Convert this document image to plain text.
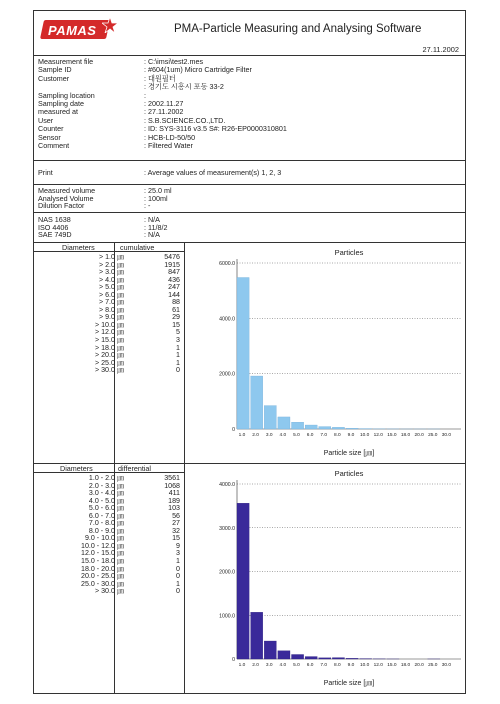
PAMAS	PMA-Particle Measuring and Analysing Software
27.11.2002
Measurement file	: C:\imsi\test2.mes
Sample ID	: #604(1um) Micro Cartridge Filter
Customer	: 대원필터
: 경기도 시흥시 포동 33-2
Sampling location	:
Sampling date	: 2002.11.27
measured at	: 27.11.2002
User	: S.B.SCIENCE.CO.,LTD.
Counter	: ID: SYS-3116 v3.5 S#: R26-EP0000310801
Sensor	: HCB-LD-50/50
Comment	: Filtered Water
Print	: Average values of measurement(s) 1, 2, 3
Measured volume	: 25.0 ml
Analysed Volume	: 100ml
Dilution Factor	: -
NAS 1638	: N/A
ISO 4406	: 11/8/2
SAE 749D	: N/A
Diameters	cumulative
> 1.0 ㎛	5476
> 2.0 ㎛	1915
> 3.0 ㎛	847
> 4.0 ㎛	436
> 5.0 ㎛	247
> 6.0 ㎛	144
> 7.0 ㎛	88
> 8.0 ㎛	61
> 9.0 ㎛	29
> 10.0 ㎛	15
> 12.0 ㎛	5
> 15.0 ㎛	3
> 18.0 ㎛	1
> 20.0 ㎛	1
> 25.0 ㎛	1
> 30.0 ㎛	0
Particles
6000.0
4000.0
2000.0
0
1.0 2.0 3.0 4.0 5.0 6.0 7.0 8.0 9.0 10.0 12.0 15.0 18.0 20.0 25.0 30.0
Particle size [㎛]
Diameters	differential
1.0 - 2.0 ㎛	3561
2.0 - 3.0 ㎛	1068
3.0 - 4.0 ㎛	411
4.0 - 5.0 ㎛	189
5.0 - 6.0 ㎛	103
6.0 - 7.0 ㎛	56
7.0 - 8.0 ㎛	27
8.0 - 9.0 ㎛	32
9.0 - 10.0 ㎛	15
10.0 - 12.0 ㎛	9
12.0 - 15.0 ㎛	3
15.0 - 18.0 ㎛	1
18.0 - 20.0 ㎛	0
20.0 - 25.0 ㎛	0
25.0 - 30.0 ㎛	1
> 30.0 ㎛	0
Particles
4000.0
3000.0
2000.0
1000.0
0
1.0 2.0 3.0 4.0 5.0 6.0 7.0 8.0 9.0 10.0 12.0 15.0 18.0 20.0 25.0 30.0
Particle size [㎛]
